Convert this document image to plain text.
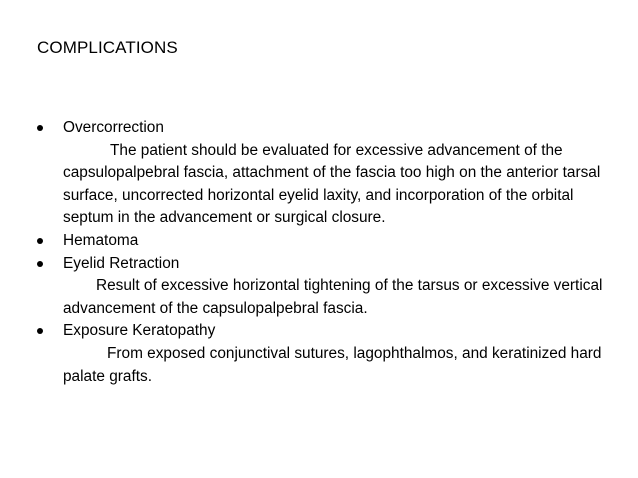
COMPLICATIONS
Overcorrection

The patient should be evaluated for excessive advancement of the capsulopalpebral fascia, attachment of the fascia too high on the anterior tarsal surface, uncorrected horizontal eyelid laxity, and incorporation of the orbital septum in the advancement or surgical closure.

Hematoma
Eyelid Retraction

Result of excessive horizontal tightening of the tarsus or excessive vertical advancement of the capsulopalpebral fascia.

Exposure Keratopathy

From exposed conjunctival sutures, lagophthalmos, and keratinized hard palate grafts.
